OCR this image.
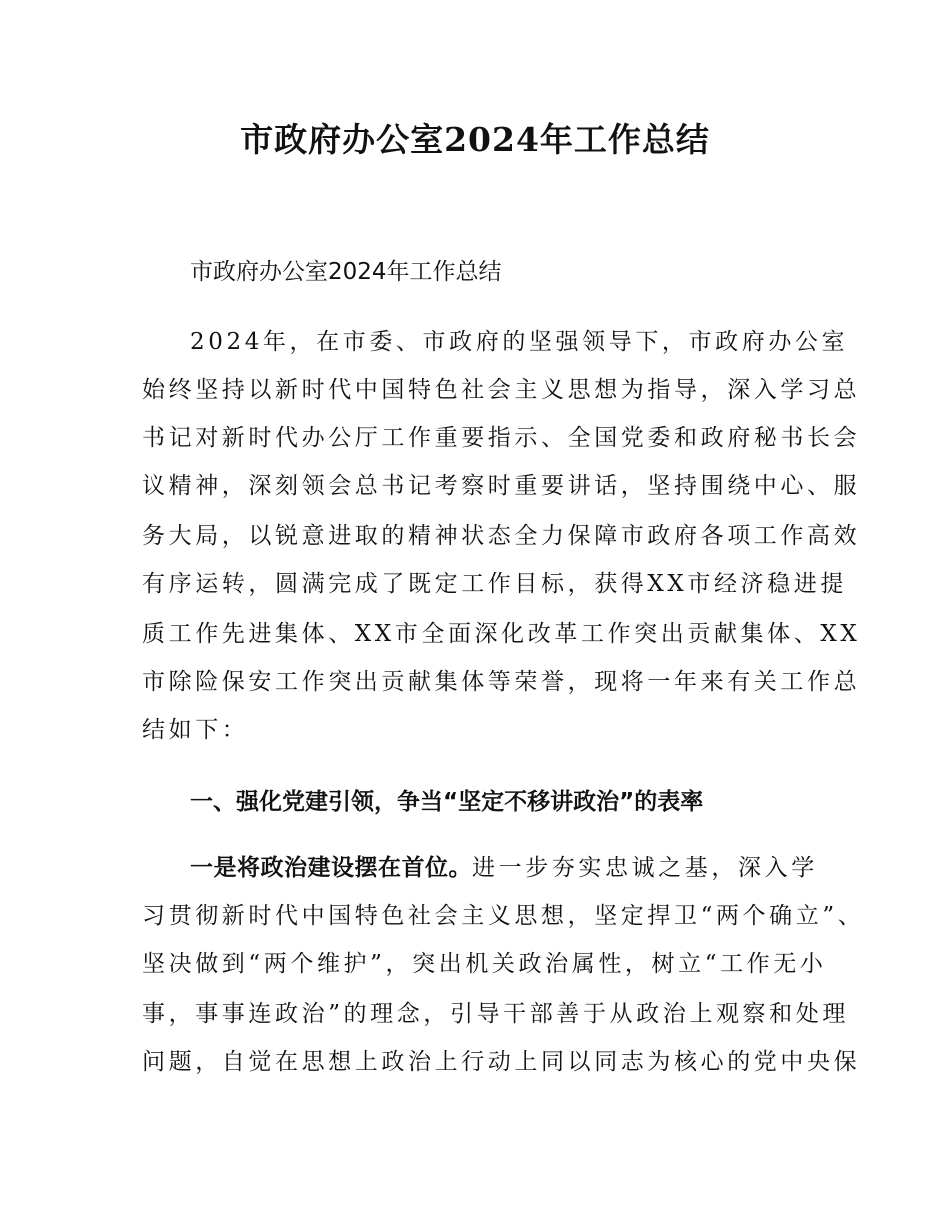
市政府办公室2024年工作总结

市政府办公室2024年工作总结

2024年，在市委、市政府的坚强领导下，市政府办公室

始终坚持以新时代中国特色社会主义思想为指导，深入学习总

书记对新时代办公厅工作重要指示、全国党委和政府秘书长会

议精神，深刻领会总书记考察时重要讲话，坚持围绕中心、服

务大局，以锐意进取的精神状态全力保障市政府各项工作高效

有序运转，圆满完成了既定工作目标，获得XX市经济稳进提

质工作先进集体、XX市全面深化改革工作突出贡献集体、XX

市除险保安工作突出贡献集体等荣誉，现将一年来有关工作总

结如下：

一、强化党建引领，争当“坚定不移讲政治”的表率

一是将政治建设摆在首位。进一步夯实忠诚之基，深入学

习贯彻新时代中国特色社会主义思想，坚定捍卫“两个确立”、

坚决做到“两个维护”，突出机关政治属性，树立“工作无小

事，事事连政治”的理念，引导干部善于从政治上观察和处理

问题，自觉在思想上政治上行动上同以同志为核心的党中央保
